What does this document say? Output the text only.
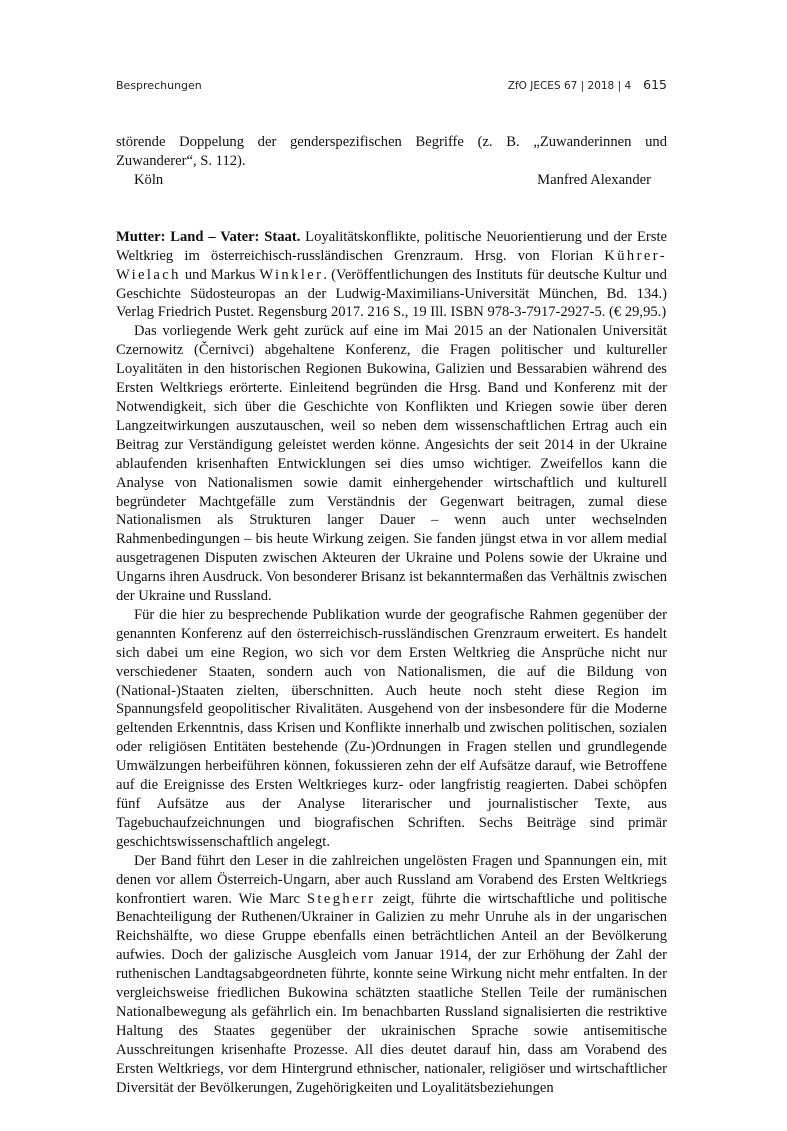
Besprechungen	ZfO JECES 67 | 2018 | 4 615

störende Doppelung der genderspezifischen Begriffe (z. B. „Zuwanderinnen und Zuwanderer“, S. 112).

Köln	Manfred Alexander

Mutter: Land – Vater: Staat. Loyalitätskonflikte, politische Neuorientierung und der Erste Weltkrieg im österreichisch-russländischen Grenzraum. Hrsg. von Florian Kührer-Wielach und Markus Winkler. (Veröffentlichungen des Instituts für deutsche Kultur und Geschichte Südosteuropas an der Ludwig-Maximilians-Universität München, Bd. 134.) Verlag Friedrich Pustet. Regensburg 2017. 216 S., 19 Ill. ISBN 978-3-7917-2927-5. (€ 29,95.)

Das vorliegende Werk geht zurück auf eine im Mai 2015 an der Nationalen Universität Czernowitz (Černivci) abgehaltene Konferenz, die Fragen politischer und kultureller Loyalitäten in den historischen Regionen Bukowina, Galizien und Bessarabien während des Ersten Weltkriegs erörterte. Einleitend begründen die Hrsg. Band und Konferenz mit der Notwendigkeit, sich über die Geschichte von Konflikten und Kriegen sowie über deren Langzeitwirkungen auszutauschen, weil so neben dem wissenschaftlichen Ertrag auch ein Beitrag zur Verständigung geleistet werden könne. Angesichts der seit 2014 in der Ukraine ablaufenden krisenhaften Entwicklungen sei dies umso wichtiger. Zweifellos kann die Analyse von Nationalismen sowie damit einhergehender wirtschaftlich und kulturell begründeter Machtgefälle zum Verständnis der Gegenwart beitragen, zumal diese Nationalismen als Strukturen langer Dauer – wenn auch unter wechselnden Rahmenbedingungen – bis heute Wirkung zeigen. Sie fanden jüngst etwa in vor allem medial ausgetragenen Disputen zwischen Akteuren der Ukraine und Polens sowie der Ukraine und Ungarns ihren Ausdruck. Von besonderer Brisanz ist bekanntermaßen das Verhältnis zwischen der Ukraine und Russland.

Für die hier zu besprechende Publikation wurde der geografische Rahmen gegenüber der genannten Konferenz auf den österreichisch-russländischen Grenzraum erweitert. Es handelt sich dabei um eine Region, wo sich vor dem Ersten Weltkrieg die Ansprüche nicht nur verschiedener Staaten, sondern auch von Nationalismen, die auf die Bildung von (National-)Staaten zielten, überschnitten. Auch heute noch steht diese Region im Spannungsfeld geopolitischer Rivalitäten. Ausgehend von der insbesondere für die Moderne geltenden Erkenntnis, dass Krisen und Konflikte innerhalb und zwischen politischen, sozialen oder religiösen Entitäten bestehende (Zu-)Ordnungen in Fragen stellen und grundlegende Umwälzungen herbeiführen können, fokussieren zehn der elf Aufsätze darauf, wie Betroffene auf die Ereignisse des Ersten Weltkrieges kurz- oder langfristig reagierten. Dabei schöpfen fünf Aufsätze aus der Analyse literarischer und journalistischer Texte, aus Tagebuchaufzeichnungen und biografischen Schriften. Sechs Beiträge sind primär geschichtswissenschaftlich angelegt.

Der Band führt den Leser in die zahlreichen ungelösten Fragen und Spannungen ein, mit denen vor allem Österreich-Ungarn, aber auch Russland am Vorabend des Ersten Weltkriegs konfrontiert waren. Wie Marc Stegherr zeigt, führte die wirtschaftliche und politische Benachteiligung der Ruthenen/Ukrainer in Galizien zu mehr Unruhe als in der ungarischen Reichshälfte, wo diese Gruppe ebenfalls einen beträchtlichen Anteil an der Bevölkerung aufwies. Doch der galizische Ausgleich vom Januar 1914, der zur Erhöhung der Zahl der ruthenischen Landtagsabgeordneten führte, konnte seine Wirkung nicht mehr entfalten. In der vergleichsweise friedlichen Bukowina schätzten staatliche Stellen Teile der rumänischen Nationalbewegung als gefährlich ein. Im benachbarten Russland signalisierten die restriktive Haltung des Staates gegenüber der ukrainischen Sprache sowie antisemitische Ausschreitungen krisenhafte Prozesse. All dies deutet darauf hin, dass am Vorabend des Ersten Weltkriegs, vor dem Hintergrund ethnischer, nationaler, religiöser und wirtschaftlicher Diversität der Bevölkerungen, Zugehörigkeiten und Loyalitätsbeziehungen
